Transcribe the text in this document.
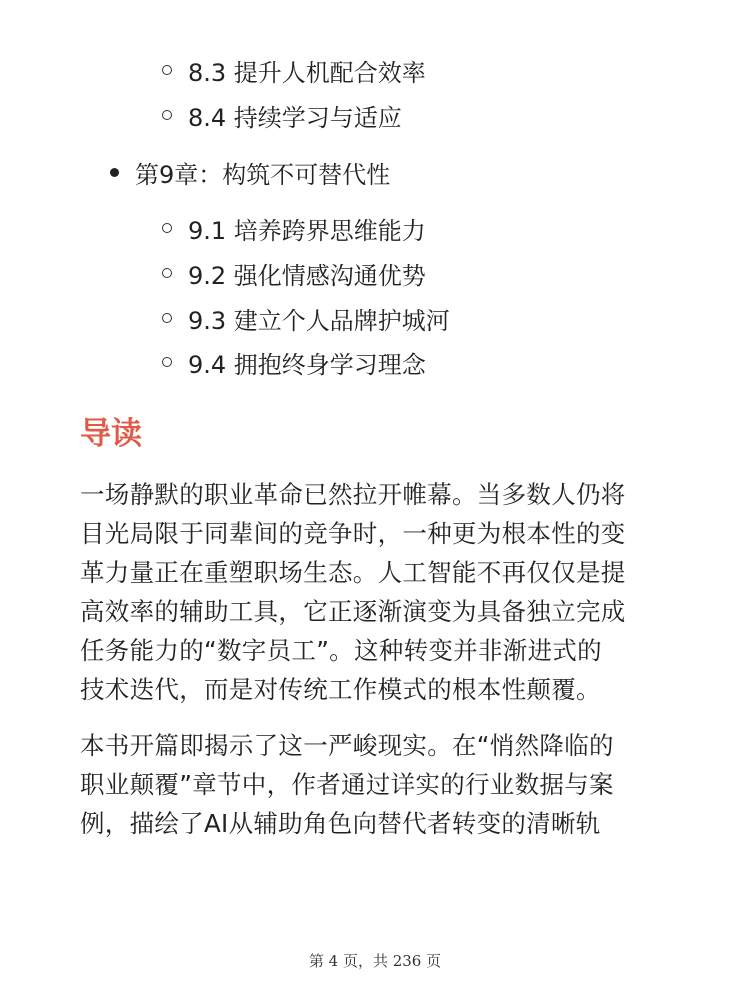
8.3 提升人机配合效率
8.4 持续学习与适应
第9章：构筑不可替代性
9.1 培养跨界思维能力
9.2 强化情感沟通优势
9.3 建立个人品牌护城河
9.4 拥抱终身学习理念
导读

一场静默的职业革命已然拉开帷幕。当多数人仍将
目光局限于同辈间的竞争时，一种更为根本性的变
革力量正在重塑职场生态。人工智能不再仅仅是提
高效率的辅助工具，它正逐渐演变为具备独立完成
任务能力的“数字员工”。这种转变并非渐进式的
技术迭代，而是对传统工作模式的根本性颠覆。

本书开篇即揭示了这一严峻现实。在“悄然降临的
职业颠覆”章节中，作者通过详实的行业数据与案
例，描绘了AI从辅助角色向替代者转变的清晰轨

第 4 页，共 236 页
